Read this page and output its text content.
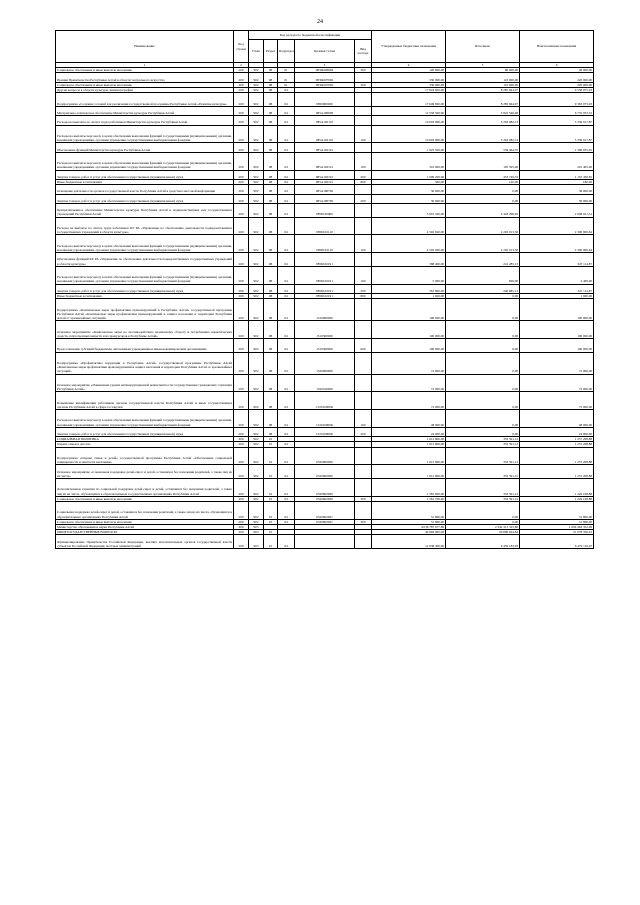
24
Наименование	Код строки	Код расхода по бюджетной классификации					Утвержденные бюджетные назначения	Исполнено	Неисполненные назначения
		Глава	Раздел	Подраздел	Целевая статья	Вид расхода			
1	2				3		4	5	6
Социальное обеспечение и иные выплаты населению	200	902	08	01	083Ф206963	300	120 000,00	80 000,00	40 000,00
Премия Правительства Республики Алтай в области театрального искусства	200	902	08	01	083Ф207092		330 000,00	110 000,00	220 000,00
Социальное обеспечение и иные выплаты населению	200	902	08	01	083Ф207092	300	330 000,00	110 000,00	220 000,00
Другие вопросы в области культуры, кинематографии	200	902	08	04			17 824 820,00	8 285 844,97	9 538 975,03
Подпрограмма «Создание условий для реализации государственной программы Республики Алтай «Развитие культуры»	200	902	08	04	0850000000		17 649 820,00	8 285 844,97	9 363 975,03
Материально-техническое обеспечение Министерства культуры Республики Алтай	200	902	08	04	085А100000		12 558 500,00	5 822 546,48	6 735 953,52
Расходы на выплаты по оплате труда работников Министерства культуры Республики Алтай	200	902	08	04	085А102110		10 603 000,00	5 263 082,13	5 339 917,87
Расходы на выплаты персоналу в целях обеспечения выполнения функций государственными (муниципальными) органами, казенными учреждениями, органами управления государственными внебюджетными фондами	200	902	08	04	085А102110	100	10 603 000,00	5 263 082,13	5 339 917,87
Обеспечение функций Министерства культуры Республики Алтай	200	902	08	04	085А102191		1 925 500,00	559 464,35	1 366 035,65
Расходы на выплаты персоналу в целях обеспечения выполнения функций государственными (муниципальными) органами, казенными учреждениями, органами управления государственными внебюджетными фондами	200	902	08	04	085А102191	100	316 000,00	105 595,00	210 405,00
Закупка товаров, работ и услуг для обеспечения государственных (муниципальных) нужд	200	902	08	04	085А102191	200	1 609 200,00	453 749,35	1 155 450,65
Иные бюджетные ассигнования	200	902	08	04	085А102191	800	300,00	120,00	180,00
Освещение деятельности органов государственной власти Республики Алтай в средствах массовой информации	200	902	08	04	085А190700		30 000,00	0,00	30 000,00
Закупка товаров, работ и услуг для обеспечения государственных (муниципальных) нужд	200	902	08	04	085А190700	200	30 000,00	0,00	30 000,00
Централизованное обеспечение Министерства культуры Республики Алтай и подведомственных ему государственных учреждений Республики Алтай	200	902	08	04	085Б100000		5 091 320,00	2 443 298,49	2 648 021,51
Расходы на выплаты по оплате труда работников КУ РА «Управление по обеспечению деятельности подведомственных государственных учреждений в области культуры»	200	902	08	04	085Б102110		4 502 920,00	2 202 013,36	2 300 906,64
Расходы на выплаты персоналу в целях обеспечения выполнения функций государственными (муниципальными) органами, казенными учреждениями, органами управления государственными внебюджетными фондами	200	902	08	04	085Б102110	100	4 502 920,00	2 202 013,36	2 300 906,64
Обеспечение функций КУ РА «Управление по обеспечению деятельности подведомственных государственных учреждений в области культуры»	200	902	08	04	085Б102191		588 400,00	241 285,13	347 114,87
Расходы на выплаты персоналу в целях обеспечения выполнения функций государственными (муниципальными) органами, казенными учреждениями, органами управления государственными внебюджетными фондами	200	902	08	04	085Б102191	100	5 000,00	609,00	4 409,00
Закупка товаров, работ и услуг для обеспечения государственных (муниципальных) нужд	200	902	08	04	085Б102191	200	581 800,00	240 685,13	341 114,87
Иные бюджетные ассигнования	200	902	08	04	085Б102191	800	1 600,00	0,00	1 600,00
Подпрограмма «Комплексные меры профилактики правонарушений в Республике Алтай» государственной программы Республики Алтай «Комплексные меры профилактики правонарушений и защита населения и территории Республики Алтай от чрезвычайных ситуаций»	200	902	08	04	1510000000		100 000,00	0,00	100 000,00
Основное мероприятие «Комплексные меры по противодействию незаконному обороту и потреблению наркотических средств, психотропных веществ и их прекурсоров в Республике Алтай»	200	902	08	04	1510300000		100 000,00	0,00	100 000,00
Предоставление субсидий бюджетным, автономным учреждениям и иным некоммерческим организациям	200	902	08	04	1510300000	600	100 000,00	0,00	100 000,00
Подпрограмма «Профилактика коррупции в Республике Алтай» государственной программы Республики Алтай «Комплексные меры профилактики правонарушений и защита населения и территории Республики Алтай от чрезвычайных ситуаций»	200	902	08	04	1520000000		72 000,00	0,00	72 000,00
Основное мероприятие «Повышение уровня антикоррупционной компетентности государственных гражданских служащих Республики Алтай»	200	902	08	04	1520100000		72 000,00	0,00	72 000,00
Повышение квалификации работников органов государственной власти Республики Алтай и иных государственных органов Республики Алтай в сфере госзакупок	200	902	08	04	152010000К		72 000,00	0,00	72 000,00
Расходы на выплаты персоналу в целях обеспечения выполнения функций государственными (муниципальными) органами, казенными учреждениями, органами управления государственными внебюджетными фондами	200	902	08	04	152010000К	100	48 000,00	0,00	48 000,00
Закупка товаров, работ и услуг для обеспечения государственных (муниципальных) нужд	200	902	08	04	152010000К	200	24 000,00	0,00	24 000,00
СОЦИАЛЬНАЯ ПОЛИТИКА	200	902	10				1 612 800,00	355 591,12	1 257 208,88
Охрана семьи и детства	200	902	10	04			1 612 800,00	355 591,12	1 257 208,88
Подпрограмма «Охрана семьи и детей» государственной программы Республики Алтай «Обеспечение социальной защищенности и занятости населения»	200	902	10	04	0520000000		1 612 800,00	355 591,12	1 257 208,88
Основное мероприятие «Социальная поддержка детей-сирот и детей, оставшихся без попечения родителей, а также лиц из их числа»	200	902	10	04	0520600000		1 612 800,00	355 591,12	1 257 208,88
Дополнительные гарантии по социальной поддержке детей-сирот и детей, оставшихся без попечения родителей, а также лиц из их числа, обучающихся в образовательных государственных организациях Республики Алтай	200	902	10	04	0520602060		1 581 000,00	355 591,12	1 226 108,88
Социальное обеспечение и иные выплаты населению	200	902	10	04	0520602060	300	1 581 700,00	355 591,12	1 226 108,88
Социальная поддержка детей-сирот и детей, оставшихся без попечения родителей, а также лиц из их числа, обучающихся в образовательных организациях Республики Алтай	200	902	10	04	0520602061		31 800,00	0,00	31 800,00
Социальное обеспечение и иные выплаты населению	200	902	10	04	0520602061	300	31 800,00	0,00	31 800,00
Министерство образования и науки Республики Алтай	200	903					4 036 787 677,89	2 342 313 325,80	1 694 463 352,09
ОБЩЕГОСУДАРСТВЕННЫЕ ВОПРОСЫ	200	903	01				40 994 965,28	20 896 624,84	21 078 356,22
Функционирование Правительства Российской Федерации, высших исполнительных органов государственной власти субъектов Российской Федерации, местных администраций	200	903	01	04			12 938 300,00	6 459 183,93	6 479 116,07
